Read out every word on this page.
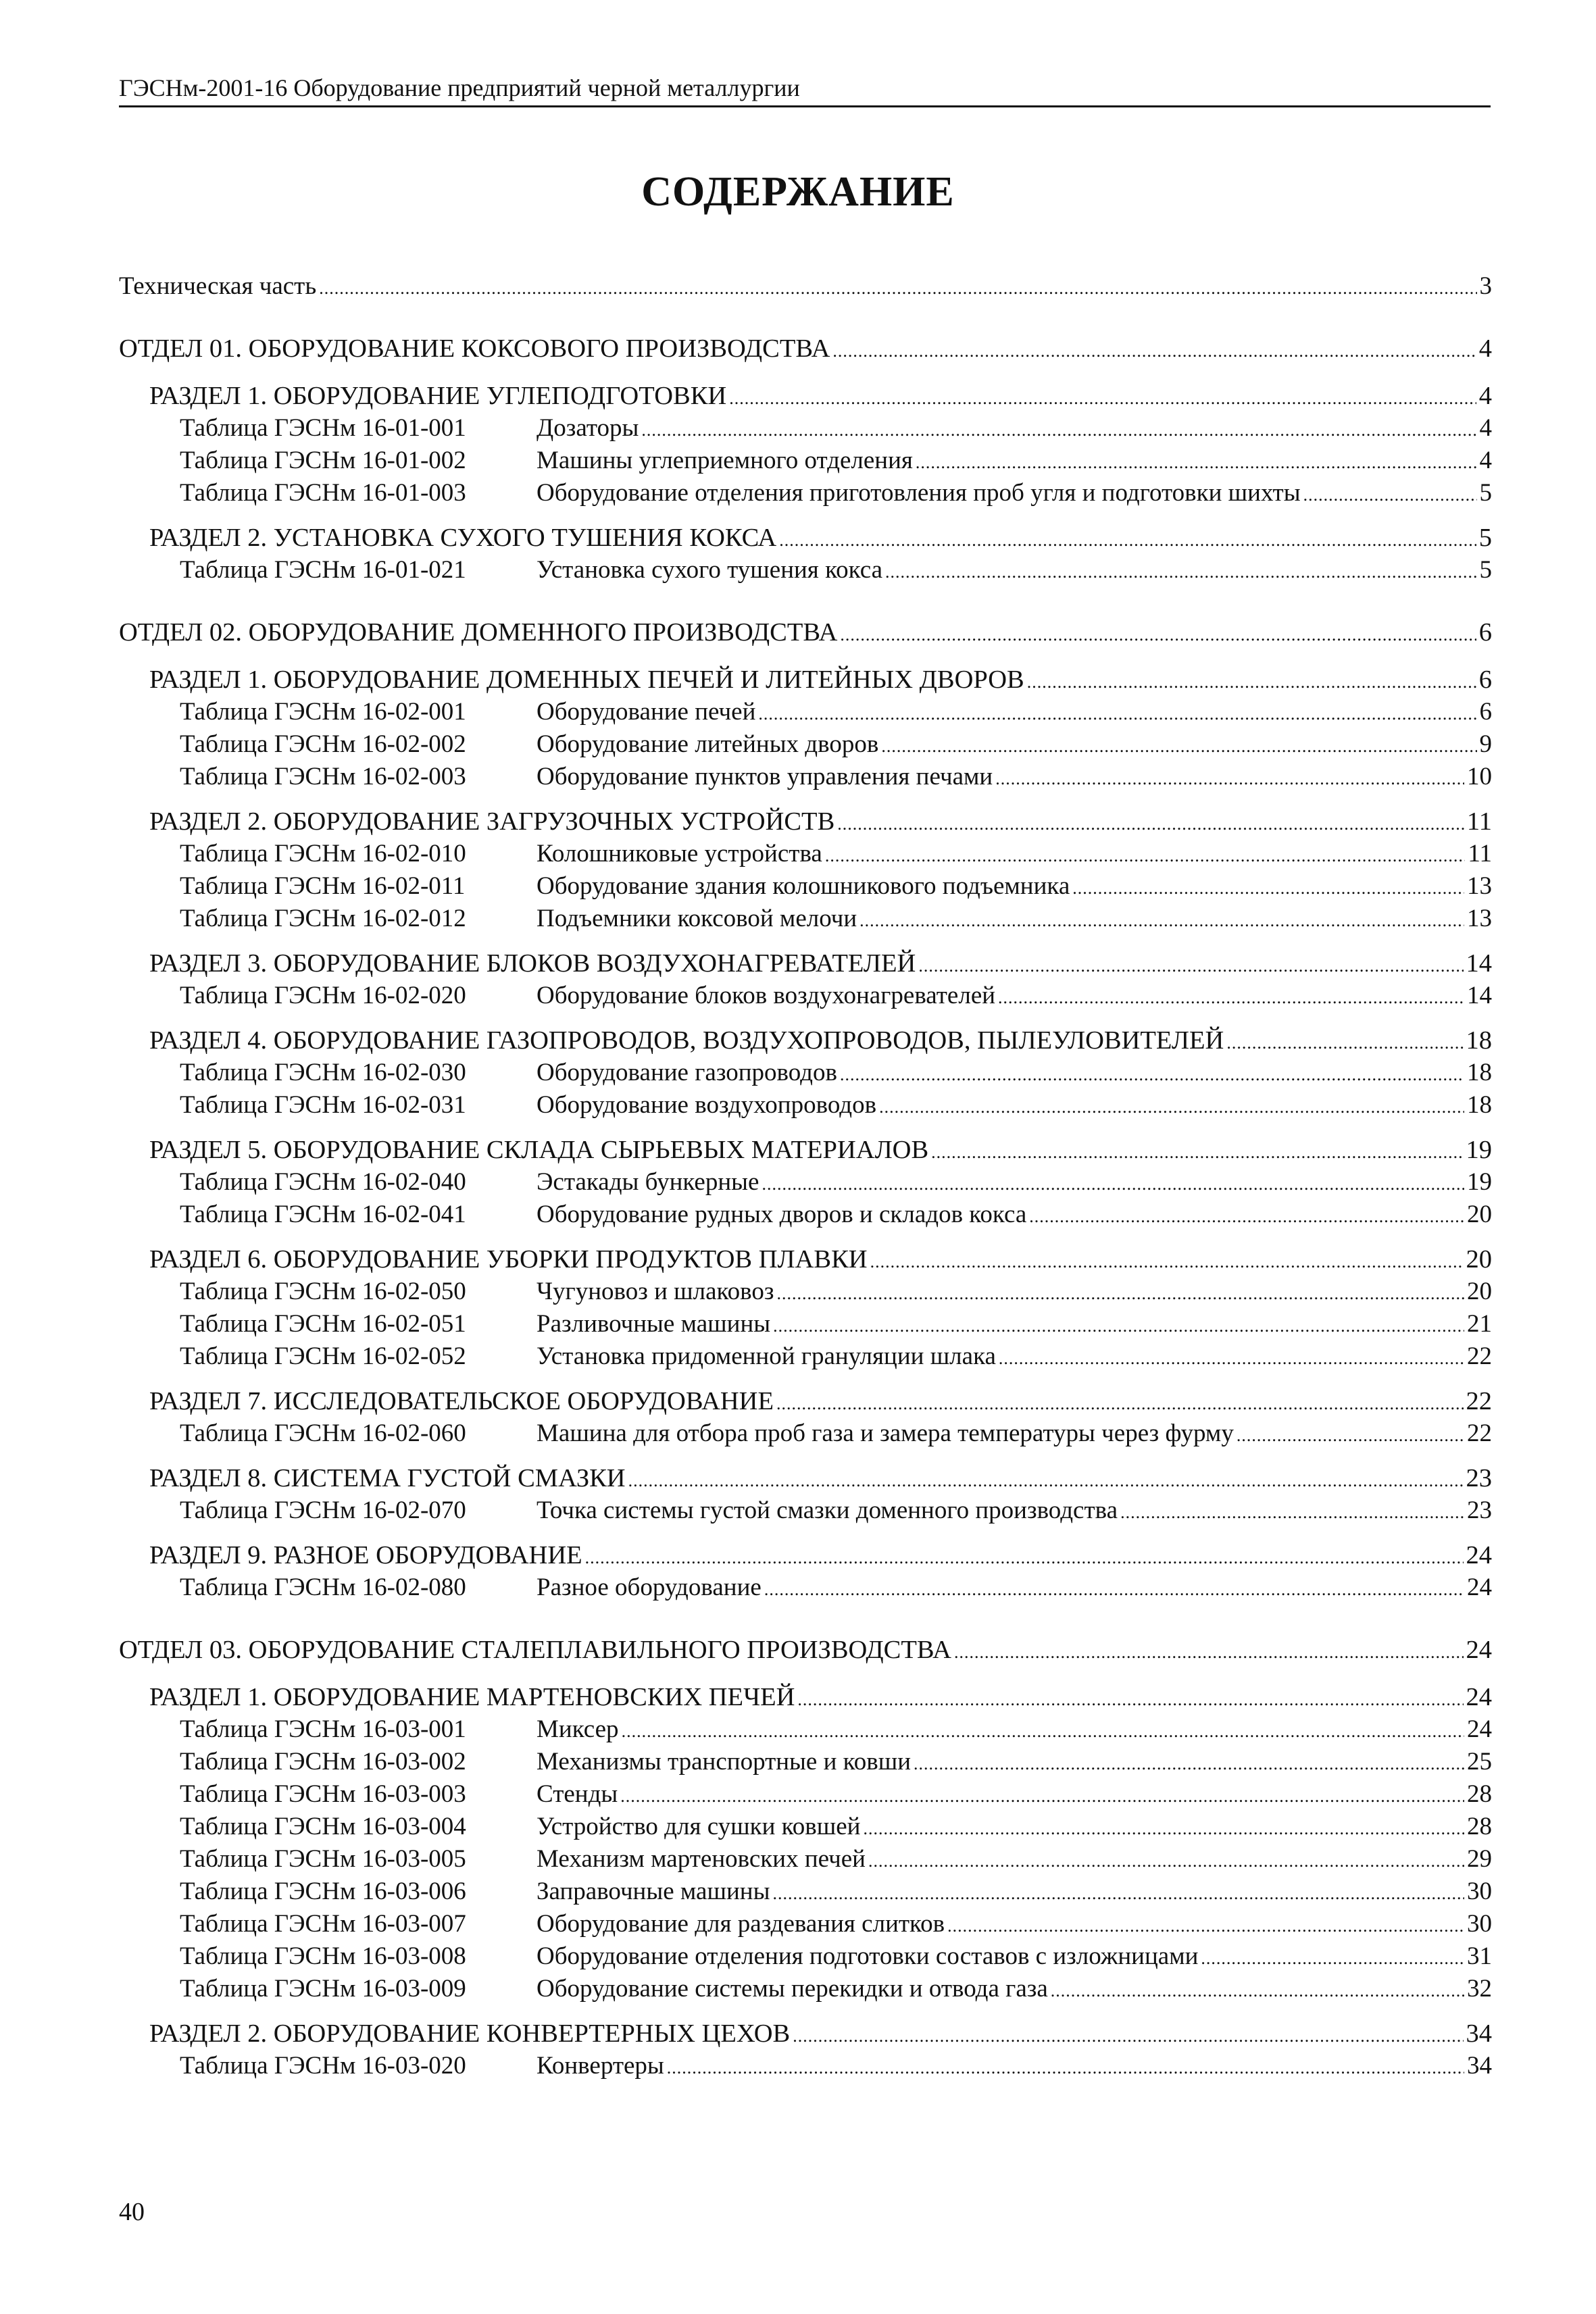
ГЭСНм-2001-16 Оборудование предприятий черной металлургии
СОДЕРЖАНИЕ
Техническая часть .....	3
ОТДЕЛ 01. ОБОРУДОВАНИЕ КОКСОВОГО ПРОИЗВОДСТВА .....	4
РАЗДЕЛ 1. ОБОРУДОВАНИЕ УГЛЕПОДГОТОВКИ .....	4
Таблица ГЭСНм 16-01-001	Дозаторы .....	4
Таблица ГЭСНм 16-01-002	Машины углеприемного отделения .....	4
Таблица ГЭСНм 16-01-003	Оборудование отделения приготовления проб угля и подготовки шихты .....	5
РАЗДЕЛ 2. УСТАНОВКА СУХОГО ТУШЕНИЯ КОКСА .....	5
Таблица ГЭСНм 16-01-021	Установка сухого тушения кокса .....	5
ОТДЕЛ 02. ОБОРУДОВАНИЕ ДОМЕННОГО ПРОИЗВОДСТВА .....	6
РАЗДЕЛ 1. ОБОРУДОВАНИЕ ДОМЕННЫХ ПЕЧЕЙ И ЛИТЕЙНЫХ ДВОРОВ .....	6
Таблица ГЭСНм 16-02-001	Оборудование печей .....	6
Таблица ГЭСНм 16-02-002	Оборудование литейных дворов .....	9
Таблица ГЭСНм 16-02-003	Оборудование пунктов управления печами .....	10
РАЗДЕЛ 2. ОБОРУДОВАНИЕ ЗАГРУЗОЧНЫХ УСТРОЙСТВ .....	11
Таблица ГЭСНм 16-02-010	Колошниковые устройства .....	11
Таблица ГЭСНм 16-02-011	Оборудование здания колошникового подъемника .....	13
Таблица ГЭСНм 16-02-012	Подъемники коксовой мелочи .....	13
РАЗДЕЛ 3. ОБОРУДОВАНИЕ БЛОКОВ ВОЗДУХОНАГРЕВАТЕЛЕЙ .....	14
Таблица ГЭСНм 16-02-020	Оборудование блоков воздухонагревателей .....	14
РАЗДЕЛ 4. ОБОРУДОВАНИЕ ГАЗОПРОВОДОВ, ВОЗДУХОПРОВОДОВ, ПЫЛЕУЛОВИТЕЛЕЙ .....	18
Таблица ГЭСНм 16-02-030	Оборудование газопроводов .....	18
Таблица ГЭСНм 16-02-031	Оборудование воздухопроводов .....	18
РАЗДЕЛ 5. ОБОРУДОВАНИЕ СКЛАДА СЫРЬЕВЫХ МАТЕРИАЛОВ .....	19
Таблица ГЭСНм 16-02-040	Эстакады бункерные .....	19
Таблица ГЭСНм 16-02-041	Оборудование рудных дворов и складов кокса .....	20
РАЗДЕЛ 6. ОБОРУДОВАНИЕ УБОРКИ ПРОДУКТОВ ПЛАВКИ .....	20
Таблица ГЭСНм 16-02-050	Чугуновоз и шлаковоз .....	20
Таблица ГЭСНм 16-02-051	Разливочные машины .....	21
Таблица ГЭСНм 16-02-052	Установка придоменной грануляции шлака .....	22
РАЗДЕЛ 7. ИССЛЕДОВАТЕЛЬСКОЕ ОБОРУДОВАНИЕ .....	22
Таблица ГЭСНм 16-02-060	Машина для отбора проб газа и замера температуры через фурму .....	22
РАЗДЕЛ 8. СИСТЕМА ГУСТОЙ СМАЗКИ .....	23
Таблица ГЭСНм 16-02-070	Точка системы густой смазки доменного производства .....	23
РАЗДЕЛ 9. РАЗНОЕ ОБОРУДОВАНИЕ .....	24
Таблица ГЭСНм 16-02-080	Разное оборудование .....	24
ОТДЕЛ 03. ОБОРУДОВАНИЕ СТАЛЕПЛАВИЛЬНОГО ПРОИЗВОДСТВА .....	24
РАЗДЕЛ 1. ОБОРУДОВАНИЕ МАРТЕНОВСКИХ ПЕЧЕЙ .....	24
Таблица ГЭСНм 16-03-001	Миксер .....	24
Таблица ГЭСНм 16-03-002	Механизмы транспортные и ковши .....	25
Таблица ГЭСНм 16-03-003	Стенды .....	28
Таблица ГЭСНм 16-03-004	Устройство для сушки ковшей .....	28
Таблица ГЭСНм 16-03-005	Механизм мартеновских печей .....	29
Таблица ГЭСНм 16-03-006	Заправочные машины .....	30
Таблица ГЭСНм 16-03-007	Оборудование для раздевания слитков .....	30
Таблица ГЭСНм 16-03-008	Оборудование отделения подготовки составов с изложницами .....	31
Таблица ГЭСНм 16-03-009	Оборудование системы перекидки и отвода газа .....	32
РАЗДЕЛ 2. ОБОРУДОВАНИЕ КОНВЕРТЕРНЫХ ЦЕХОВ .....	34
Таблица ГЭСНм 16-03-020	Конвертеры .....	34
40
